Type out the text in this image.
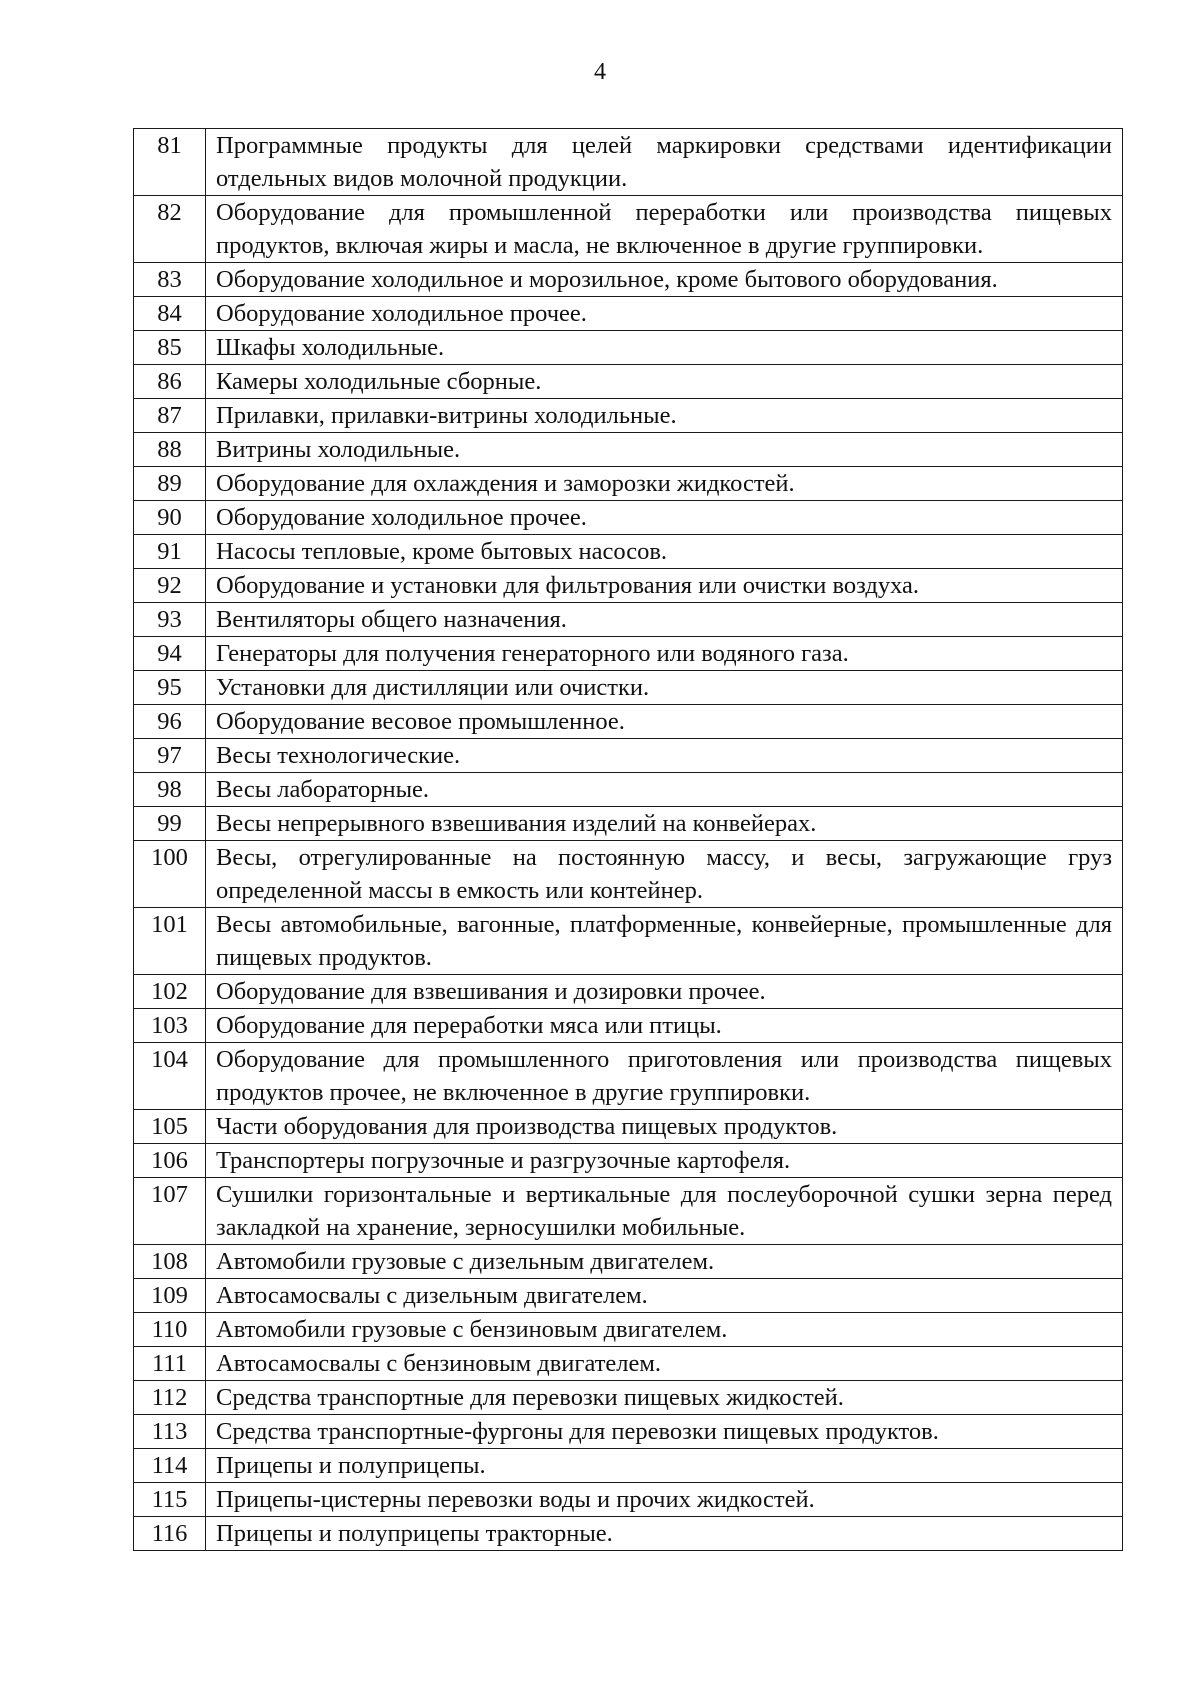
4
81	Программные продукты для целей маркировки средствами идентификации отдельных видов молочной продукции.
82	Оборудование для промышленной переработки или производства пищевых продуктов, включая жиры и масла, не включенное в другие группировки.
83	Оборудование холодильное и морозильное, кроме бытового оборудования.
84	Оборудование холодильное прочее.
85	Шкафы холодильные.
86	Камеры холодильные сборные.
87	Прилавки, прилавки-витрины холодильные.
88	Витрины холодильные.
89	Оборудование для охлаждения и заморозки жидкостей.
90	Оборудование холодильное прочее.
91	Насосы тепловые, кроме бытовых насосов.
92	Оборудование и установки для фильтрования или очистки воздуха.
93	Вентиляторы общего назначения.
94	Генераторы для получения генераторного или водяного газа.
95	Установки для дистилляции или очистки.
96	Оборудование весовое промышленное.
97	Весы технологические.
98	Весы лабораторные.
99	Весы непрерывного взвешивания изделий на конвейерах.
100	Весы, отрегулированные на постоянную массу, и весы, загружающие груз определенной массы в емкость или контейнер.
101	Весы автомобильные, вагонные, платформенные, конвейерные, промышленные для пищевых продуктов.
102	Оборудование для взвешивания и дозировки прочее.
103	Оборудование для переработки мяса или птицы.
104	Оборудование для промышленного приготовления или производства пищевых продуктов прочее, не включенное в другие группировки.
105	Части оборудования для производства пищевых продуктов.
106	Транспортеры погрузочные и разгрузочные картофеля.
107	Сушилки горизонтальные и вертикальные для послеуборочной сушки зерна перед закладкой на хранение, зерносушилки мобильные.
108	Автомобили грузовые с дизельным двигателем.
109	Автосамосвалы с дизельным двигателем.
110	Автомобили грузовые с бензиновым двигателем.
111	Автосамосвалы с бензиновым двигателем.
112	Средства транспортные для перевозки пищевых жидкостей.
113	Средства транспортные-фургоны для перевозки пищевых продуктов.
114	Прицепы и полуприцепы.
115	Прицепы-цистерны перевозки воды и прочих жидкостей.
116	Прицепы и полуприцепы тракторные.
